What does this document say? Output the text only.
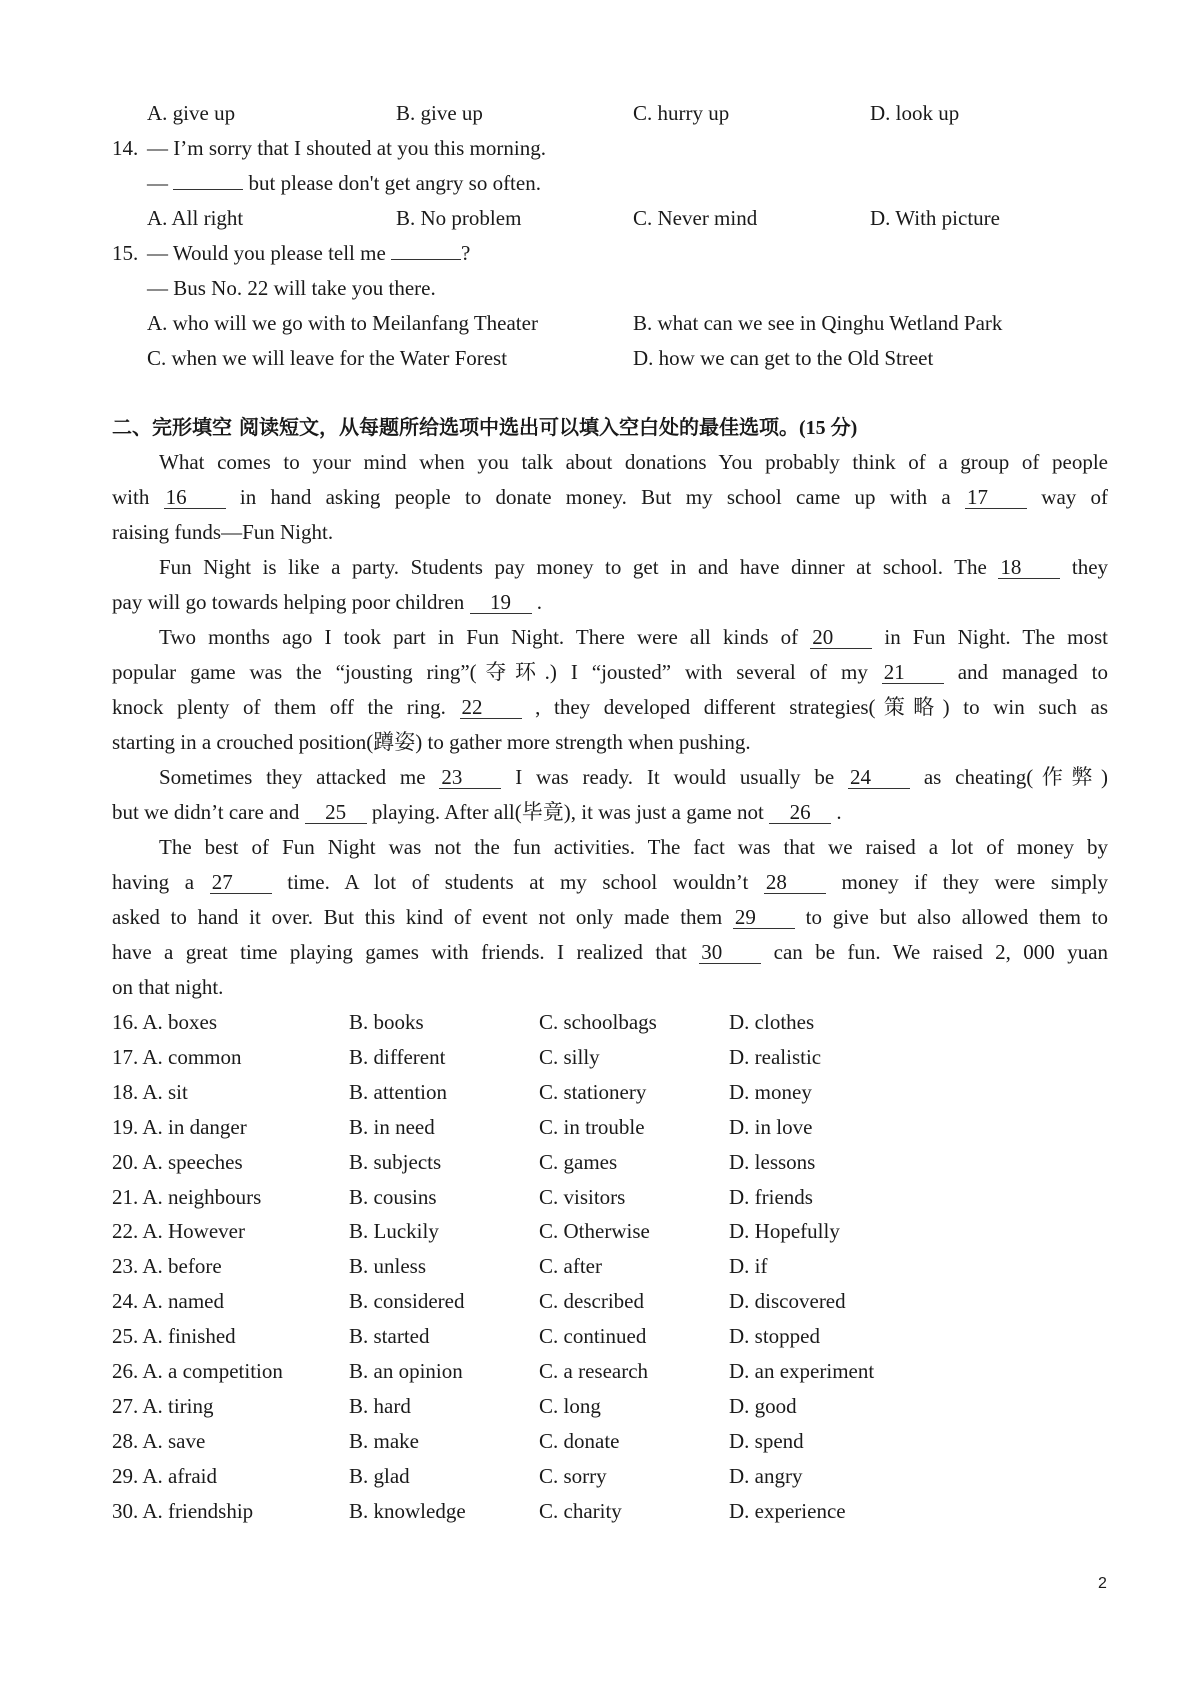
A. give up	B. give up	C. hurry up	D. look up
14. — I’m sorry that I shouted at you this morning.
—	but please don't get angry so often.
A. All right	B. No problem	C. Never mind	D. With picture
15. — Would you please tell me	?
— Bus No. 22 will take you there.
A. who will we go with to Meilanfang Theater	B. what can we see in Qinghu Wetland Park
C. when we will leave for the Water Forest	D. how we can get to the Old Street
二、完形填空 阅读短文，从每题所给选项中选出可以填入空白处的最佳选项。(15 分)
What comes to your mind when you talk about donations You probably think of a group of people
with 16	in hand asking people to donate money. But my school came up with a 17	way of
raising funds—Fun Night.
Fun Night is like a party. Students pay money to get in and have dinner at school. The 18 they
pay will go towards helping poor children 19 .
Two months ago I took part in Fun Night. There were all kinds of 20 in Fun Night. The most
popular game was the “jousting ring”(夺环.) I “jousted” with several of my 21	and managed to
knock plenty of them off the ring. 22	, they developed different strategies(策略) to win such as
starting in a crouched position(蹲姿) to gather more strength when pushing.
Sometimes they attacked me 23	I was ready. It would usually be 24	as cheating(作弊)
but we didn’t care and 25 playing. After all(毕竟), it was just a game not 26 .
The best of Fun Night was not the fun activities. The fact was that we raised a lot of money by
having a 27	time. A lot of students at my school wouldn’t 28	money if they were simply
asked to hand it over. But this kind of event not only made them 29 to give but also allowed them to
have a great time playing games with friends. I realized that 30 can be fun. We raised 2, 000 yuan
on that night.
16. A. boxes	B. books	C. schoolbags	D. clothes
17. A. common	B. different	C. silly	D. realistic
18. A. sit	B. attention	C. stationery	D. money
19. A. in danger	B. in need	C. in trouble	D. in love
20. A. speeches	B. subjects	C. games	D. lessons
21. A. neighbours	B. cousins	C. visitors	D. friends
22. A. However	B. Luckily	C. Otherwise	D. Hopefully
23. A. before	B. unless	C. after	D. if
24. A. named	B. considered	C. described	D. discovered
25. A. finished	B. started	C. continued	D. stopped
26. A. a competition	B. an opinion	C. a research	D. an experiment
27. A. tiring	B. hard	C. long	D. good
28. A. save	B. make	C. donate	D. spend
29. A. afraid	B. glad	C. sorry	D. angry
30. A. friendship	B. knowledge	C. charity	D. experience
2
